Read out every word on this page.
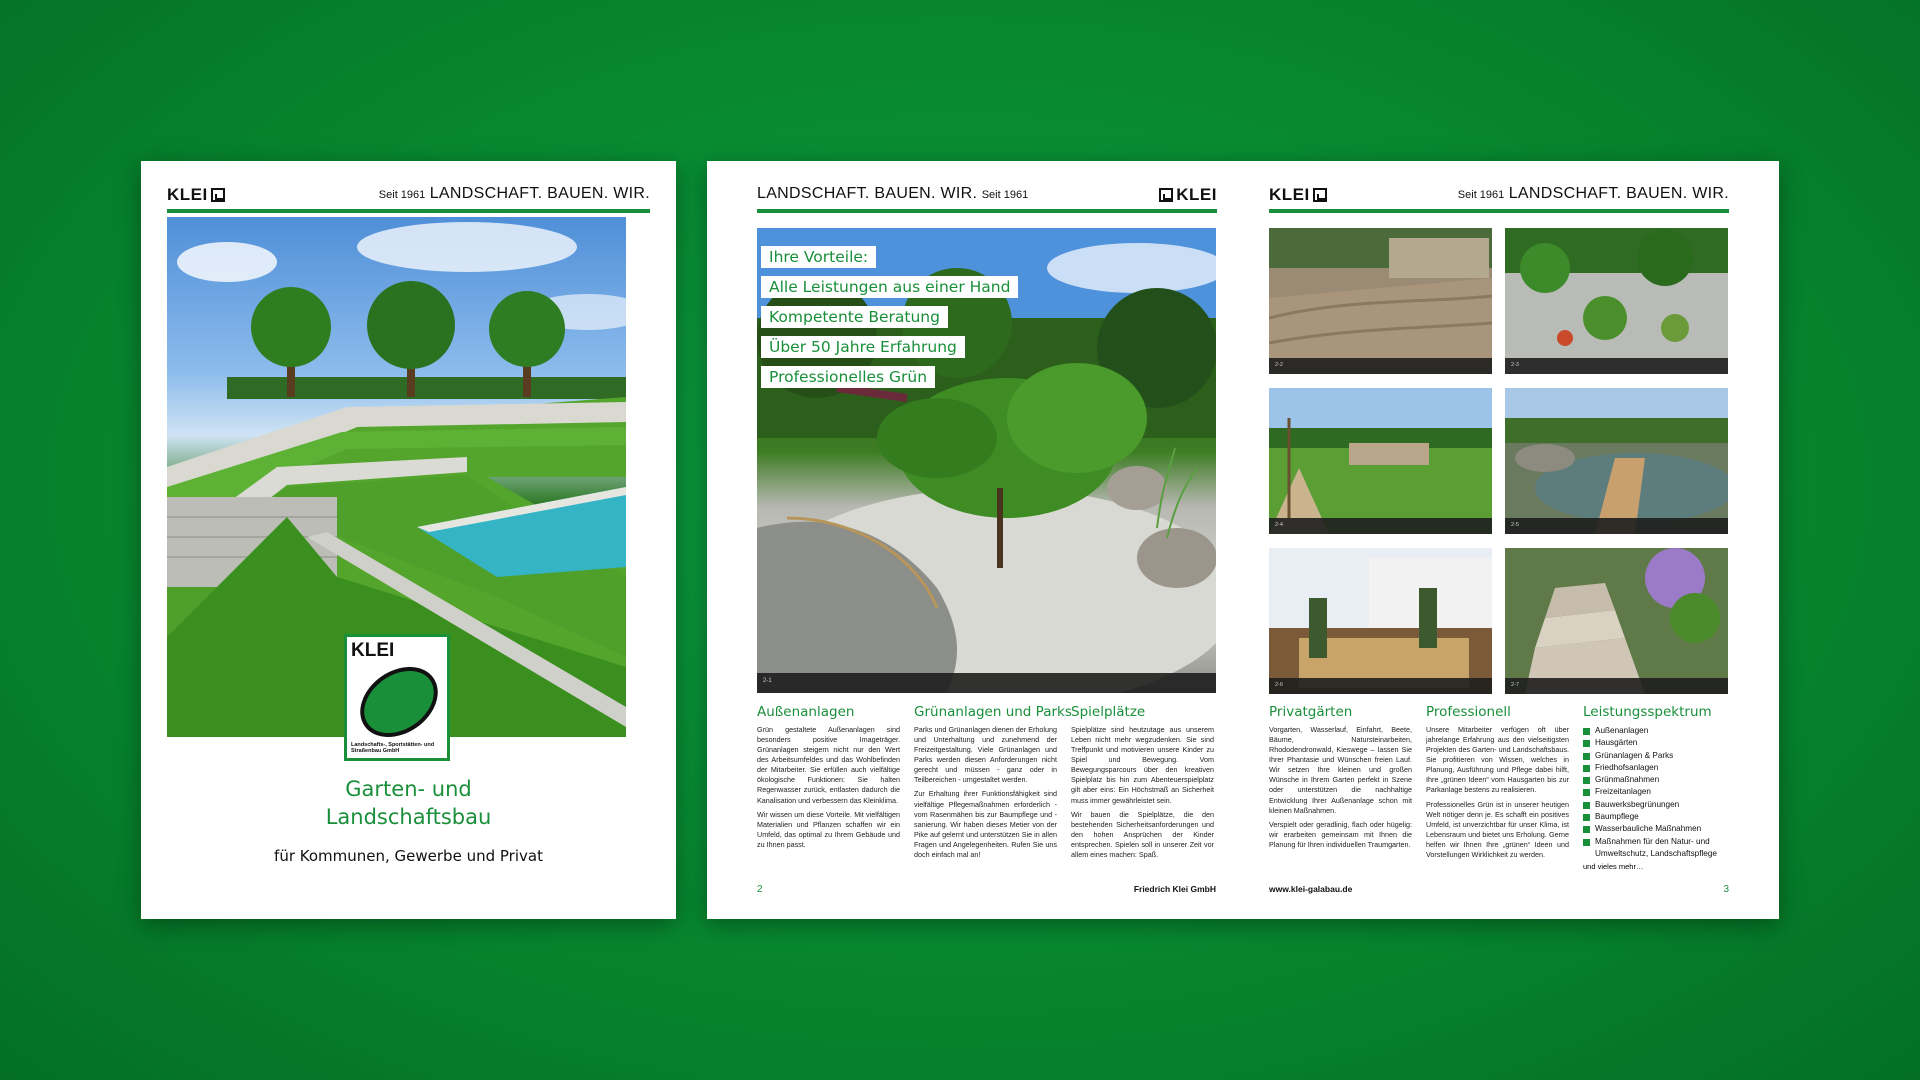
KLEI	Seit 1961 LANDSCHAFT. BAUEN. WIR.
KLEI
Landschafts-, Sportstätten- und Straßenbau GmbH
Garten- und
Landschaftsbau
für Kommunen, Gewerbe und Privat
LANDSCHAFT. BAUEN. WIR. Seit 1961	KLEI
Ihre Vorteile:
Alle Leistungen aus einer Hand
Kompetente Beratung
Über 50 Jahre Erfahrung
Professionelles Grün
2-1
Außenanlagen

Grün gestaltete Außenanlagen sind besonders positive Imageträger. Grünanlagen steigern nicht nur den Wert des Arbeitsumfeldes und das Wohlbefinden der Mitarbeiter. Sie erfüllen auch vielfältige ökologische Funktionen: Sie halten Regenwasser zurück, entlasten dadurch die Kanalisation und verbessern das Kleinklima.

Wir wissen um diese Vorteile. Mit vielfältigen Materialien und Pflanzen schaffen wir ein Umfeld, das optimal zu Ihrem Gebäude und zu Ihnen passt.

Grünanlagen und Parks

Parks und Grünanlagen dienen der Erholung und Unterhaltung und zunehmend der Freizeitgestaltung. Viele Grünanlagen und Parks werden diesen Anforderungen nicht gerecht und müssen - ganz oder in Teilbereichen - umgestaltet werden.

Zur Erhaltung ihrer Funktionsfähigkeit sind vielfältige Pflegemaßnahmen erforderlich - vom Rasenmähen bis zur Baumpflege und -sanierung. Wir haben dieses Metier von der Pike auf gelernt und unterstützen Sie in allen Fragen und Angelegenheiten. Rufen Sie uns doch einfach mal an!

Spielplätze

Spielplätze sind heutzutage aus unserem Leben nicht mehr wegzudenken. Sie sind Treffpunkt und motivieren unsere Kinder zu Spiel und Bewegung. Vom Bewegungsparcours über den kreativen Spielplatz bis hin zum Abenteuerspielplatz gilt aber eins: Ein Höchstmaß an Sicherheit muss immer gewährleistet sein.

Wir bauen die Spielplätze, die den bestehenden Sicherheitsanforderungen und den hohen Ansprüchen der Kinder entsprechen. Spielen soll in unserer Zeit vor allem eines machen: Spaß.

2	Friedrich Klei GmbH
KLEI	Seit 1961 LANDSCHAFT. BAUEN. WIR.
2-2	2-3
2-4	2-5
2-6	2-7
Privatgärten

Vorgarten, Wasserlauf, Einfahrt, Beete, Bäume, Natursteinarbeiten, Rhododendronwald, Kieswege – lassen Sie Ihrer Phantasie und Wünschen freien Lauf. Wir setzen Ihre kleinen und großen Wünsche in Ihrem Garten perfekt in Szene oder unterstützen die nachhaltige Entwicklung Ihrer Außenanlage schon mit kleinen Maßnahmen.

Verspielt oder geradlinig, flach oder hügelig: wir erarbeiten gemeinsam mit Ihnen die Planung für Ihren individuellen Traumgarten.

Professionell

Unsere Mitarbeiter verfügen oft über jahrelange Erfahrung aus den vielseitigsten Projekten des Garten- und Landschaftsbaus. Sie profitieren von Wissen, welches in Planung, Ausführung und Pflege dabei hilft, Ihre „grünen Ideen“ vom Hausgarten bis zur Parkanlage bestens zu realisieren.

Professionelles Grün ist in unserer heutigen Welt nötiger denn je. Es schafft ein positives Umfeld, ist unverzichtbar für unser Klima, ist Lebensraum und bietet uns Erholung. Gerne helfen wir Ihnen Ihre „grünen“ Ideen und Vorstellungen Wirklichkeit zu werden.

Leistungsspektrum
Außenanlagen
Hausgärten
Grünanlagen & Parks
Friedhofsanlagen
Grünmaßnahmen
Freizeitanlagen
Bauwerksbegrünungen
Baumpflege
Wasserbauliche Maßnahmen
Maßnahmen für den Natur- und Umweltschutz, Landschaftspflege
und vieles mehr…
www.klei-galabau.de	3
